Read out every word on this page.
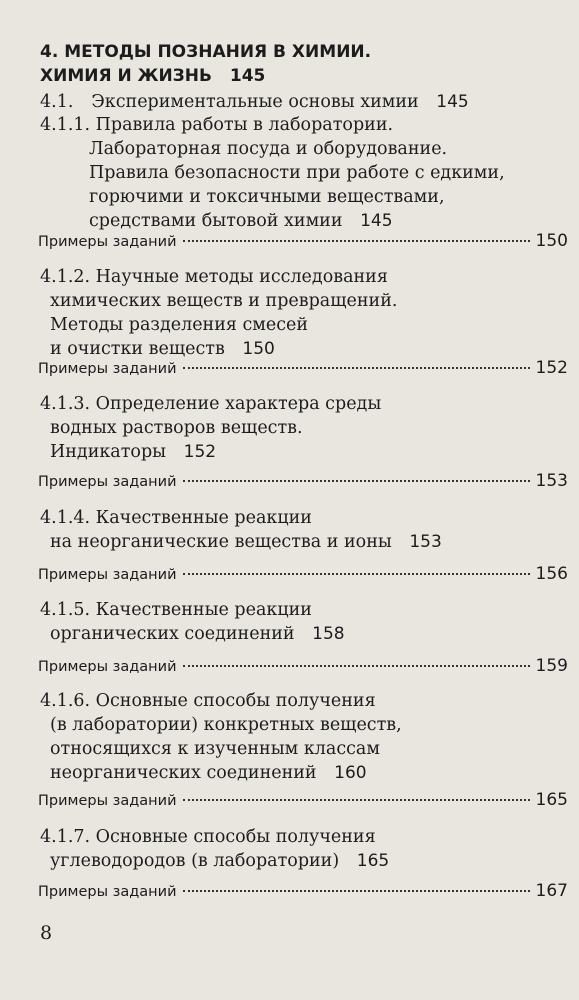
4. МЕТОДЫ ПОЗНАНИЯ В ХИМИИ.
ХИМИЯ И ЖИЗНЬ 145
4.1. Экспериментальные основы химии 145
4.1.1. Правила работы в лаборатории.
Лабораторная посуда и оборудование.
Правила безопасности при работе с едкими,
горючими и токсичными веществами,
средствами бытовой химии 145
Примеры заданий	150
4.1.2. Научные методы исследования
химических веществ и превращений.
Методы разделения смесей
и очистки веществ 150
Примеры заданий	152
4.1.3. Определение характера среды
водных растворов веществ.
Индикаторы 152
Примеры заданий	153
4.1.4. Качественные реакции
на неорганические вещества и ионы 153
Примеры заданий	156
4.1.5. Качественные реакции
органических соединений 158
Примеры заданий	159
4.1.6. Основные способы получения
(в лаборатории) конкретных веществ,
относящихся к изученным классам
неорганических соединений 160
Примеры заданий	165
4.1.7. Основные способы получения
углеводородов (в лаборатории) 165
Примеры заданий	167
8
